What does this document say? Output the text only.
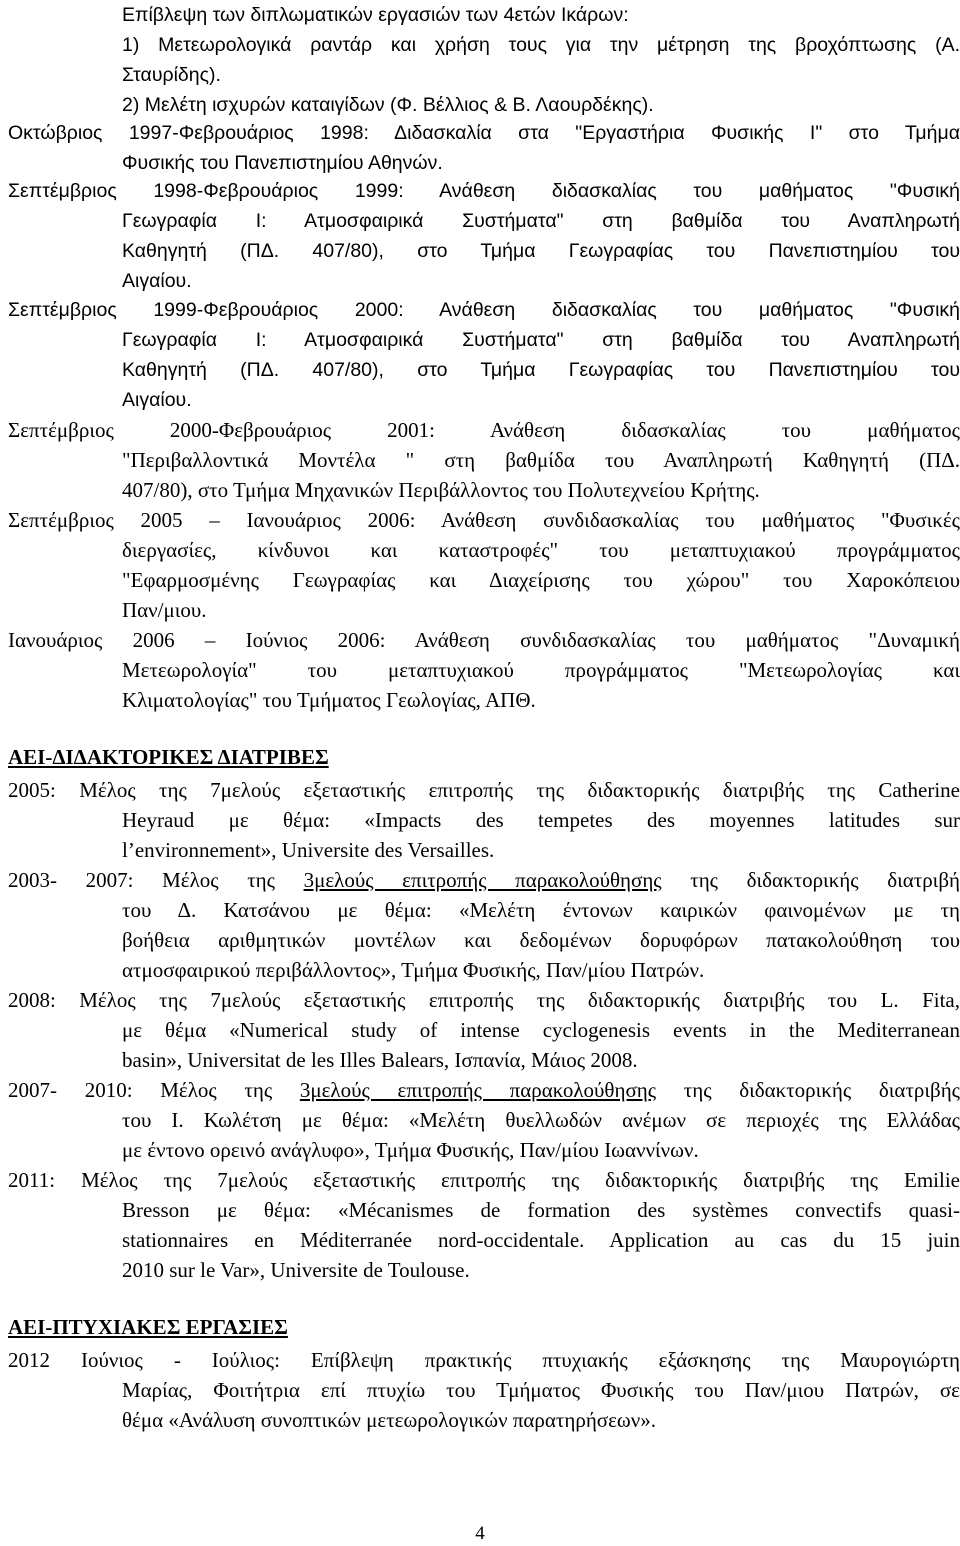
Επίβλεψη των διπλωματικών εργασιών των 4ετών Ικάρων:
1) Μετεωρολογικά ραντάρ και χρήση τους για την μέτρηση της βροχόπτωσης (Α.
Σταυρίδης).
2) Μελέτη ισχυρών καταιγίδων (Φ. Βέλλιος & Β. Λαουρδέκης).
Οκτώβριος 1997-Φεβρουάριος 1998: Διδασκαλία στα "Εργαστήρια Φυσικής Ι" στο Τμήμα
Φυσικής του Πανεπιστημίου Αθηνών.
Σεπτέμβριος 1998-Φεβρουάριος 1999: Ανάθεση διδασκαλίας του μαθήματος "Φυσική
Γεωγραφία Ι: Ατμοσφαιρικά Συστήματα" στη βαθμίδα του Αναπληρωτή
Καθηγητή (ΠΔ. 407/80), στο Τμήμα Γεωγραφίας του Πανεπιστημίου του
Αιγαίου.
Σεπτέμβριος 1999-Φεβρουάριος 2000: Ανάθεση διδασκαλίας του μαθήματος "Φυσική
Γεωγραφία Ι: Ατμοσφαιρικά Συστήματα" στη βαθμίδα του Αναπληρωτή
Καθηγητή (ΠΔ. 407/80), στο Τμήμα Γεωγραφίας του Πανεπιστημίου του
Αιγαίου.
Σεπτέμβριος 2000-Φεβρουάριος 2001: Ανάθεση διδασκαλίας του μαθήματος
"Περιβαλλοντικά Μοντέλα " στη βαθμίδα του Αναπληρωτή Καθηγητή (ΠΔ.
407/80), στο Τμήμα Μηχανικών Περιβάλλοντος του Πολυτεχνείου Κρήτης.
Σεπτέμβριος 2005 – Ιανουάριος 2006: Ανάθεση συνδιδασκαλίας του μαθήματος "Φυσικές
διεργασίες, κίνδυνοι και καταστροφές" του μεταπτυχιακού προγράμματος
"Εφαρμοσμένης Γεωγραφίας και Διαχείρισης του χώρου" του Χαροκόπειου
Παν/μιου.
Ιανουάριος 2006 – Ιούνιος 2006: Ανάθεση συνδιδασκαλίας του μαθήματος "Δυναμική
Μετεωρολογία" του μεταπτυχιακού προγράμματος "Μετεωρολογίας και
Κλιματολογίας" του Τμήματος Γεωλογίας, ΑΠΘ.
ΑΕΙ-ΔΙΔΑΚΤΟΡΙΚΕΣ ΔΙΑΤΡΙΒΕΣ
2005: Μέλος της 7μελούς εξεταστικής επιτροπής της διδακτορικής διατριβής της Catherine
Heyraud με θέμα: «Impacts des tempetes des moyennes latitudes sur
l’environnement», Universite des Versailles.
2003- 2007: Μέλος της 3μελούς επιτροπής παρακολούθησης της διδακτορικής διατριβή
του Δ. Κατσάνου με θέμα: «Μελέτη έντονων καιρικών φαινομένων με τη
βοήθεια αριθμητικών μοντέλων και δεδομένων δορυφόρων πατακολούθηση του
ατμοσφαιρικού περιβάλλοντος», Τμήμα Φυσικής, Παν/μίου Πατρών.
2008: Μέλος της 7μελούς εξεταστικής επιτροπής της διδακτορικής διατριβής του L. Fita,
με θέμα «Numerical study of intense cyclogenesis events in the Mediterranean
basin», Universitat de les Illes Balears, Ισπανία, Μάιος 2008.
2007- 2010: Μέλος της 3μελούς επιτροπής παρακολούθησης της διδακτορικής διατριβής
του Ι. Κωλέτση με θέμα: «Μελέτη θυελλωδών ανέμων σε περιοχές της Ελλάδας
με έντονο ορεινό ανάγλυφο», Τμήμα Φυσικής, Παν/μίου Ιωαννίνων.
2011: Μέλος της 7μελούς εξεταστικής επιτροπής της διδακτορικής διατριβής της Emilie
Bresson με θέμα: «Mécanismes de formation des systèmes convectifs quasi-
stationnaires en Méditerranée nord-occidentale. Application au cas du 15 juin
2010 sur le Var», Universite de Toulouse.
ΑΕΙ-ΠΤΥΧΙΑΚΕΣ ΕΡΓΑΣΙΕΣ
2012 Ιούνιος - Ιούλιος: Επίβλεψη πρακτικής πτυχιακής εξάσκησης της Μαυρογιώρτη
Μαρίας, Φοιτήτρια επί πτυχίω του Τμήματος Φυσικής του Παν/μιου Πατρών, σε
θέμα «Ανάλυση συνοπτικών μετεωρολογικών παρατηρήσεων».
4
